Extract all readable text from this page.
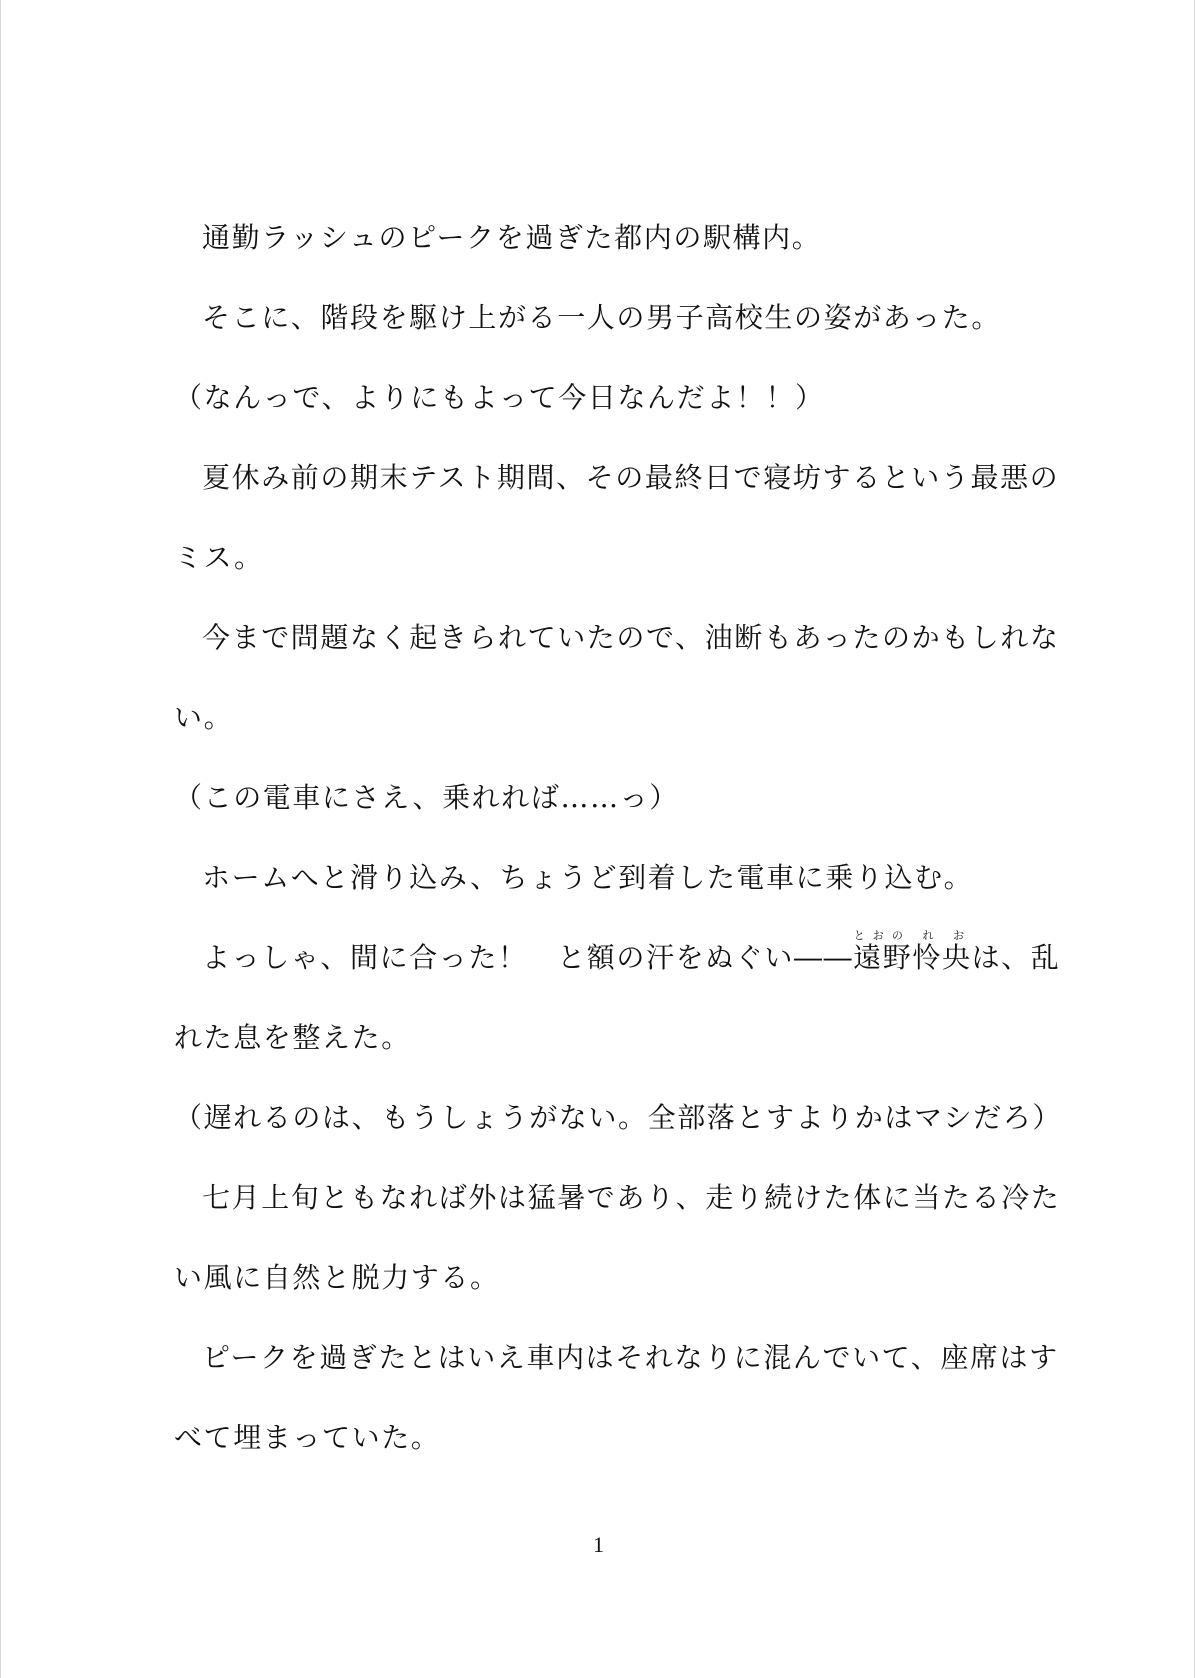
通勤ラッシュのピークを過ぎた都内の駅構内。

そこに、階段を駆け上がる一人の男子高校生の姿があった。

（なんっで、よりにもよって今日なんだよ！！）

夏休み前の期末テスト期間、その最終日で寝坊するという最悪の

ミス。

今まで問題なく起きられていたので、油断もあったのかもしれな

い。

（この電車にさえ、乗れれば……っ）

ホームへと滑り込み、ちょうど到着した電車に乗り込む。

よっしゃ、間に合った！　と額の汗をぬぐい――遠野怜央とおの れ おは、乱

れた息を整えた。

（遅れるのは、もうしょうがない。全部落とすよりかはマシだろ）

七月上旬ともなれば外は猛暑であり、走り続けた体に当たる冷た

い風に自然と脱力する。

ピークを過ぎたとはいえ車内はそれなりに混んでいて、座席はす

べて埋まっていた。

1
